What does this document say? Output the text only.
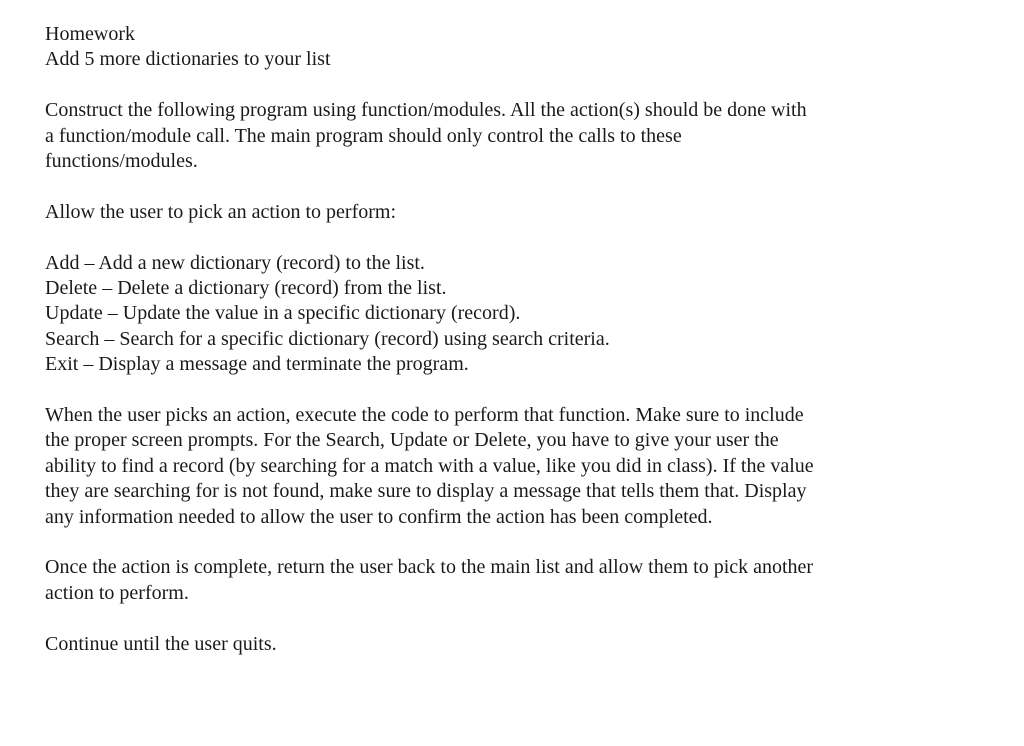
Homework

Add 5 more dictionaries to your list

Construct the following program using function/modules. All the action(s) should be done with

a function/module call. The main program should only control the calls to these

functions/modules.

Allow the user to pick an action to perform:

Add – Add a new dictionary (record) to the list.

Delete – Delete a dictionary (record) from the list.

Update – Update the value in a specific dictionary (record).

Search – Search for a specific dictionary (record) using search criteria.

Exit – Display a message and terminate the program.

When the user picks an action, execute the code to perform that function. Make sure to include

the proper screen prompts. For the Search, Update or Delete, you have to give your user the

ability to find a record (by searching for a match with a value, like you did in class). If the value

they are searching for is not found, make sure to display a message that tells them that. Display

any information needed to allow the user to confirm the action has been completed.

Once the action is complete, return the user back to the main list and allow them to pick another

action to perform.

Continue until the user quits.
